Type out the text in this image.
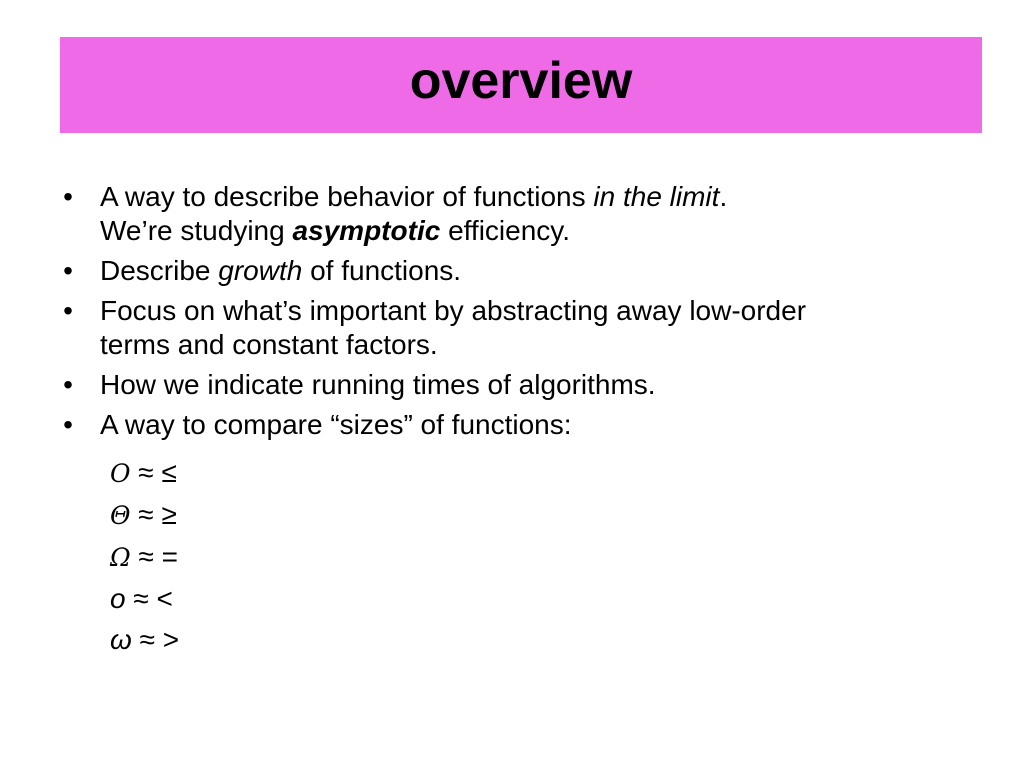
overview
• A way to describe behavior of functions in the limit.
We’re studying asymptotic efficiency.
• Describe growth of functions.
• Focus on what’s important by abstracting away low-order
terms and constant factors.
• How we indicate running times of algorithms.
• A way to compare “sizes” of functions:
O ≈ ≤
Θ ≈ ≥
Ω ≈ =
o ≈ <
ω ≈ >
